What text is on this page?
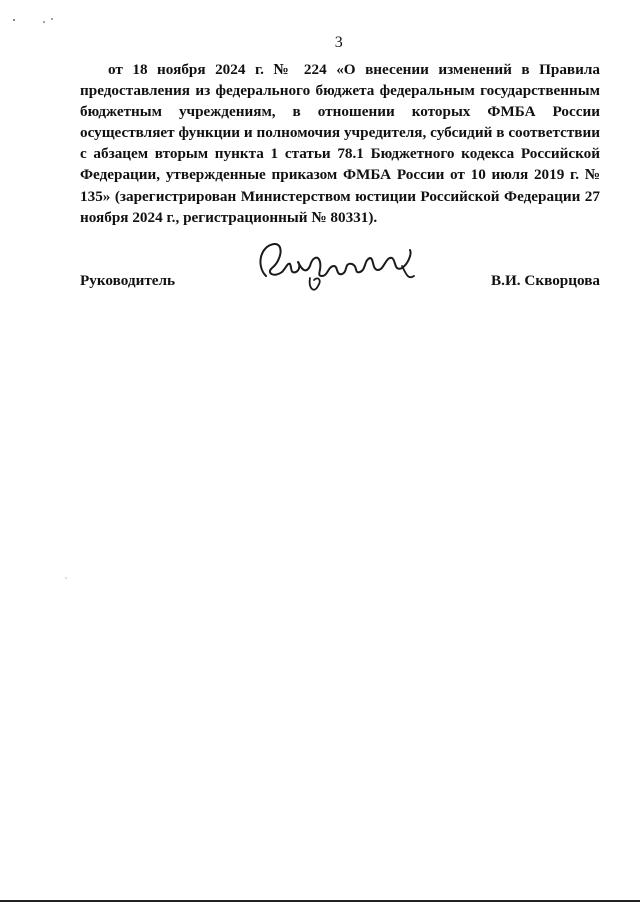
3
от 18 ноября 2024 г. № 224 «О внесении изменений в Правила предоставления из федерального бюджета федеральным государственным бюджетным учреждениям, в отношении которых ФМБА России осуществляет функции и полномочия учредителя, субсидий в соответствии с абзацем вторым пункта 1 статьи 78.1 Бюджетного кодекса Российской Федерации, утвержденные приказом ФМБА России от 10 июля 2019 г. № 135» (зарегистрирован Министерством юстиции Российской Федерации 27 ноября 2024 г., регистрационный № 80331).
Руководитель	В.И. Скворцова
